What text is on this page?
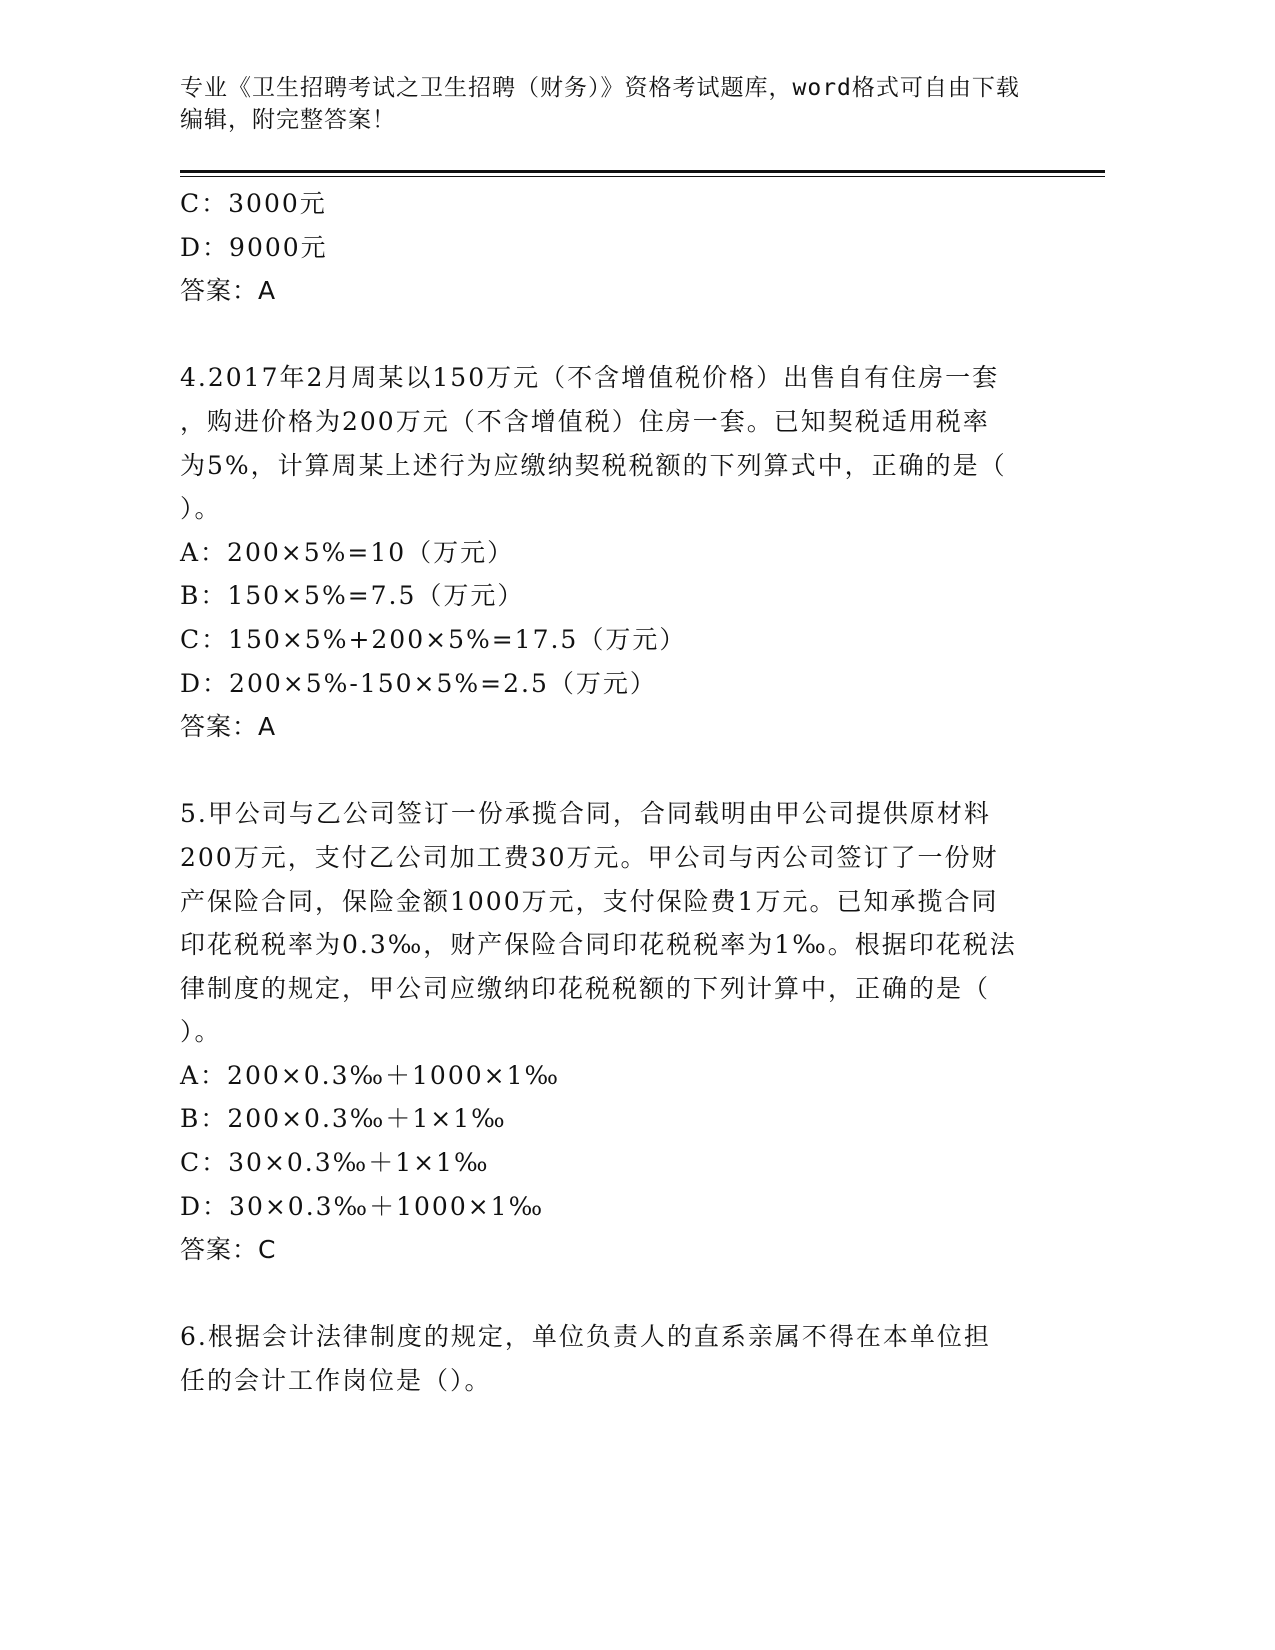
专业《卫生招聘考试之卫生招聘（财务）》资格考试题库，word格式可自由下载
编辑，附完整答案！
C：3000元
D：9000元
答案：A
4.2017年2月周某以150万元（不含增值税价格）出售自有住房一套
，购进价格为200万元（不含增值税）住房一套。已知契税适用税率
为5%，计算周某上述行为应缴纳契税税额的下列算式中，正确的是（
）。
A：200×5%=10（万元）
B：150×5%=7.5（万元）
C：150×5%+200×5%=17.5（万元）
D：200×5%-150×5%=2.5（万元）
答案：A
5.甲公司与乙公司签订一份承揽合同，合同载明由甲公司提供原材料
200万元，支付乙公司加工费30万元。甲公司与丙公司签订了一份财
产保险合同，保险金额1000万元，支付保险费1万元。已知承揽合同
印花税税率为0.3‰，财产保险合同印花税税率为1‰。根据印花税法
律制度的规定，甲公司应缴纳印花税税额的下列计算中，正确的是（
）。
A：200×0.3‰＋1000×1‰
B：200×0.3‰＋1×1‰
C：30×0.3‰＋1×1‰
D：30×0.3‰＋1000×1‰
答案：C
6.根据会计法律制度的规定，单位负责人的直系亲属不得在本单位担
任的会计工作岗位是（）。
